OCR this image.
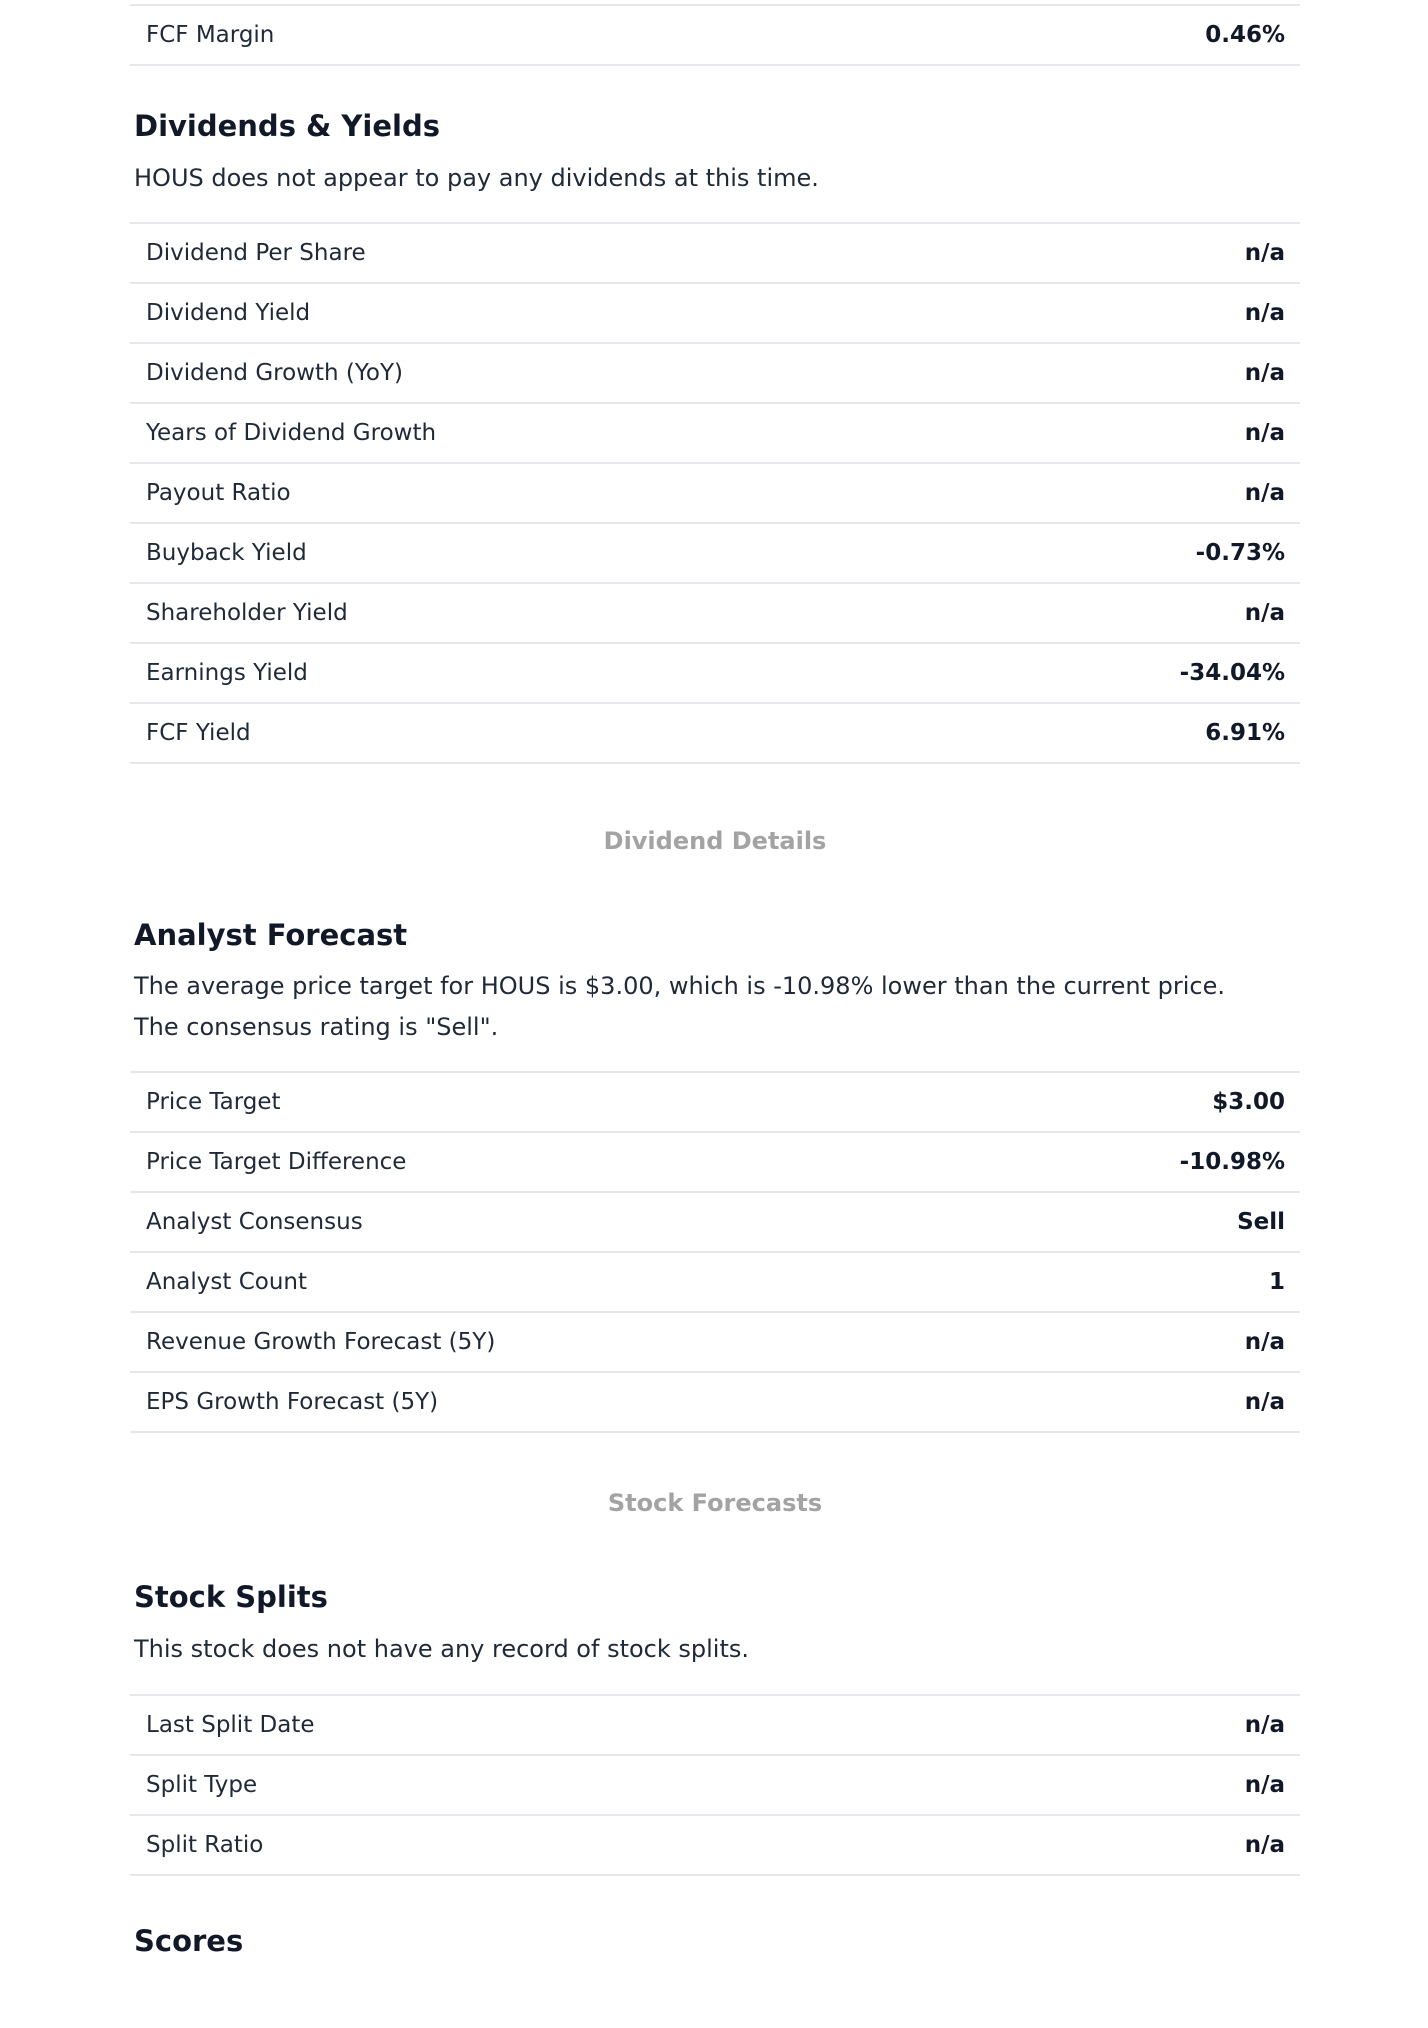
FCF Margin	0.46%
Dividends & Yields

HOUS does not appear to pay any dividends at this time.

Dividend Per Share	n/a
Dividend Yield	n/a
Dividend Growth (YoY)	n/a
Years of Dividend Growth	n/a
Payout Ratio	n/a
Buyback Yield	-0.73%
Shareholder Yield	n/a
Earnings Yield	-34.04%
FCF Yield	6.91%
Dividend Details
Analyst Forecast

The average price target for HOUS is $3.00, which is -10.98% lower than the current price. The consensus rating is "Sell".

Price Target	$3.00
Price Target Difference	-10.98%
Analyst Consensus	Sell
Analyst Count	1
Revenue Growth Forecast (5Y)	n/a
EPS Growth Forecast (5Y)	n/a
Stock Forecasts
Stock Splits

This stock does not have any record of stock splits.

Last Split Date	n/a
Split Type	n/a
Split Ratio	n/a
Scores
